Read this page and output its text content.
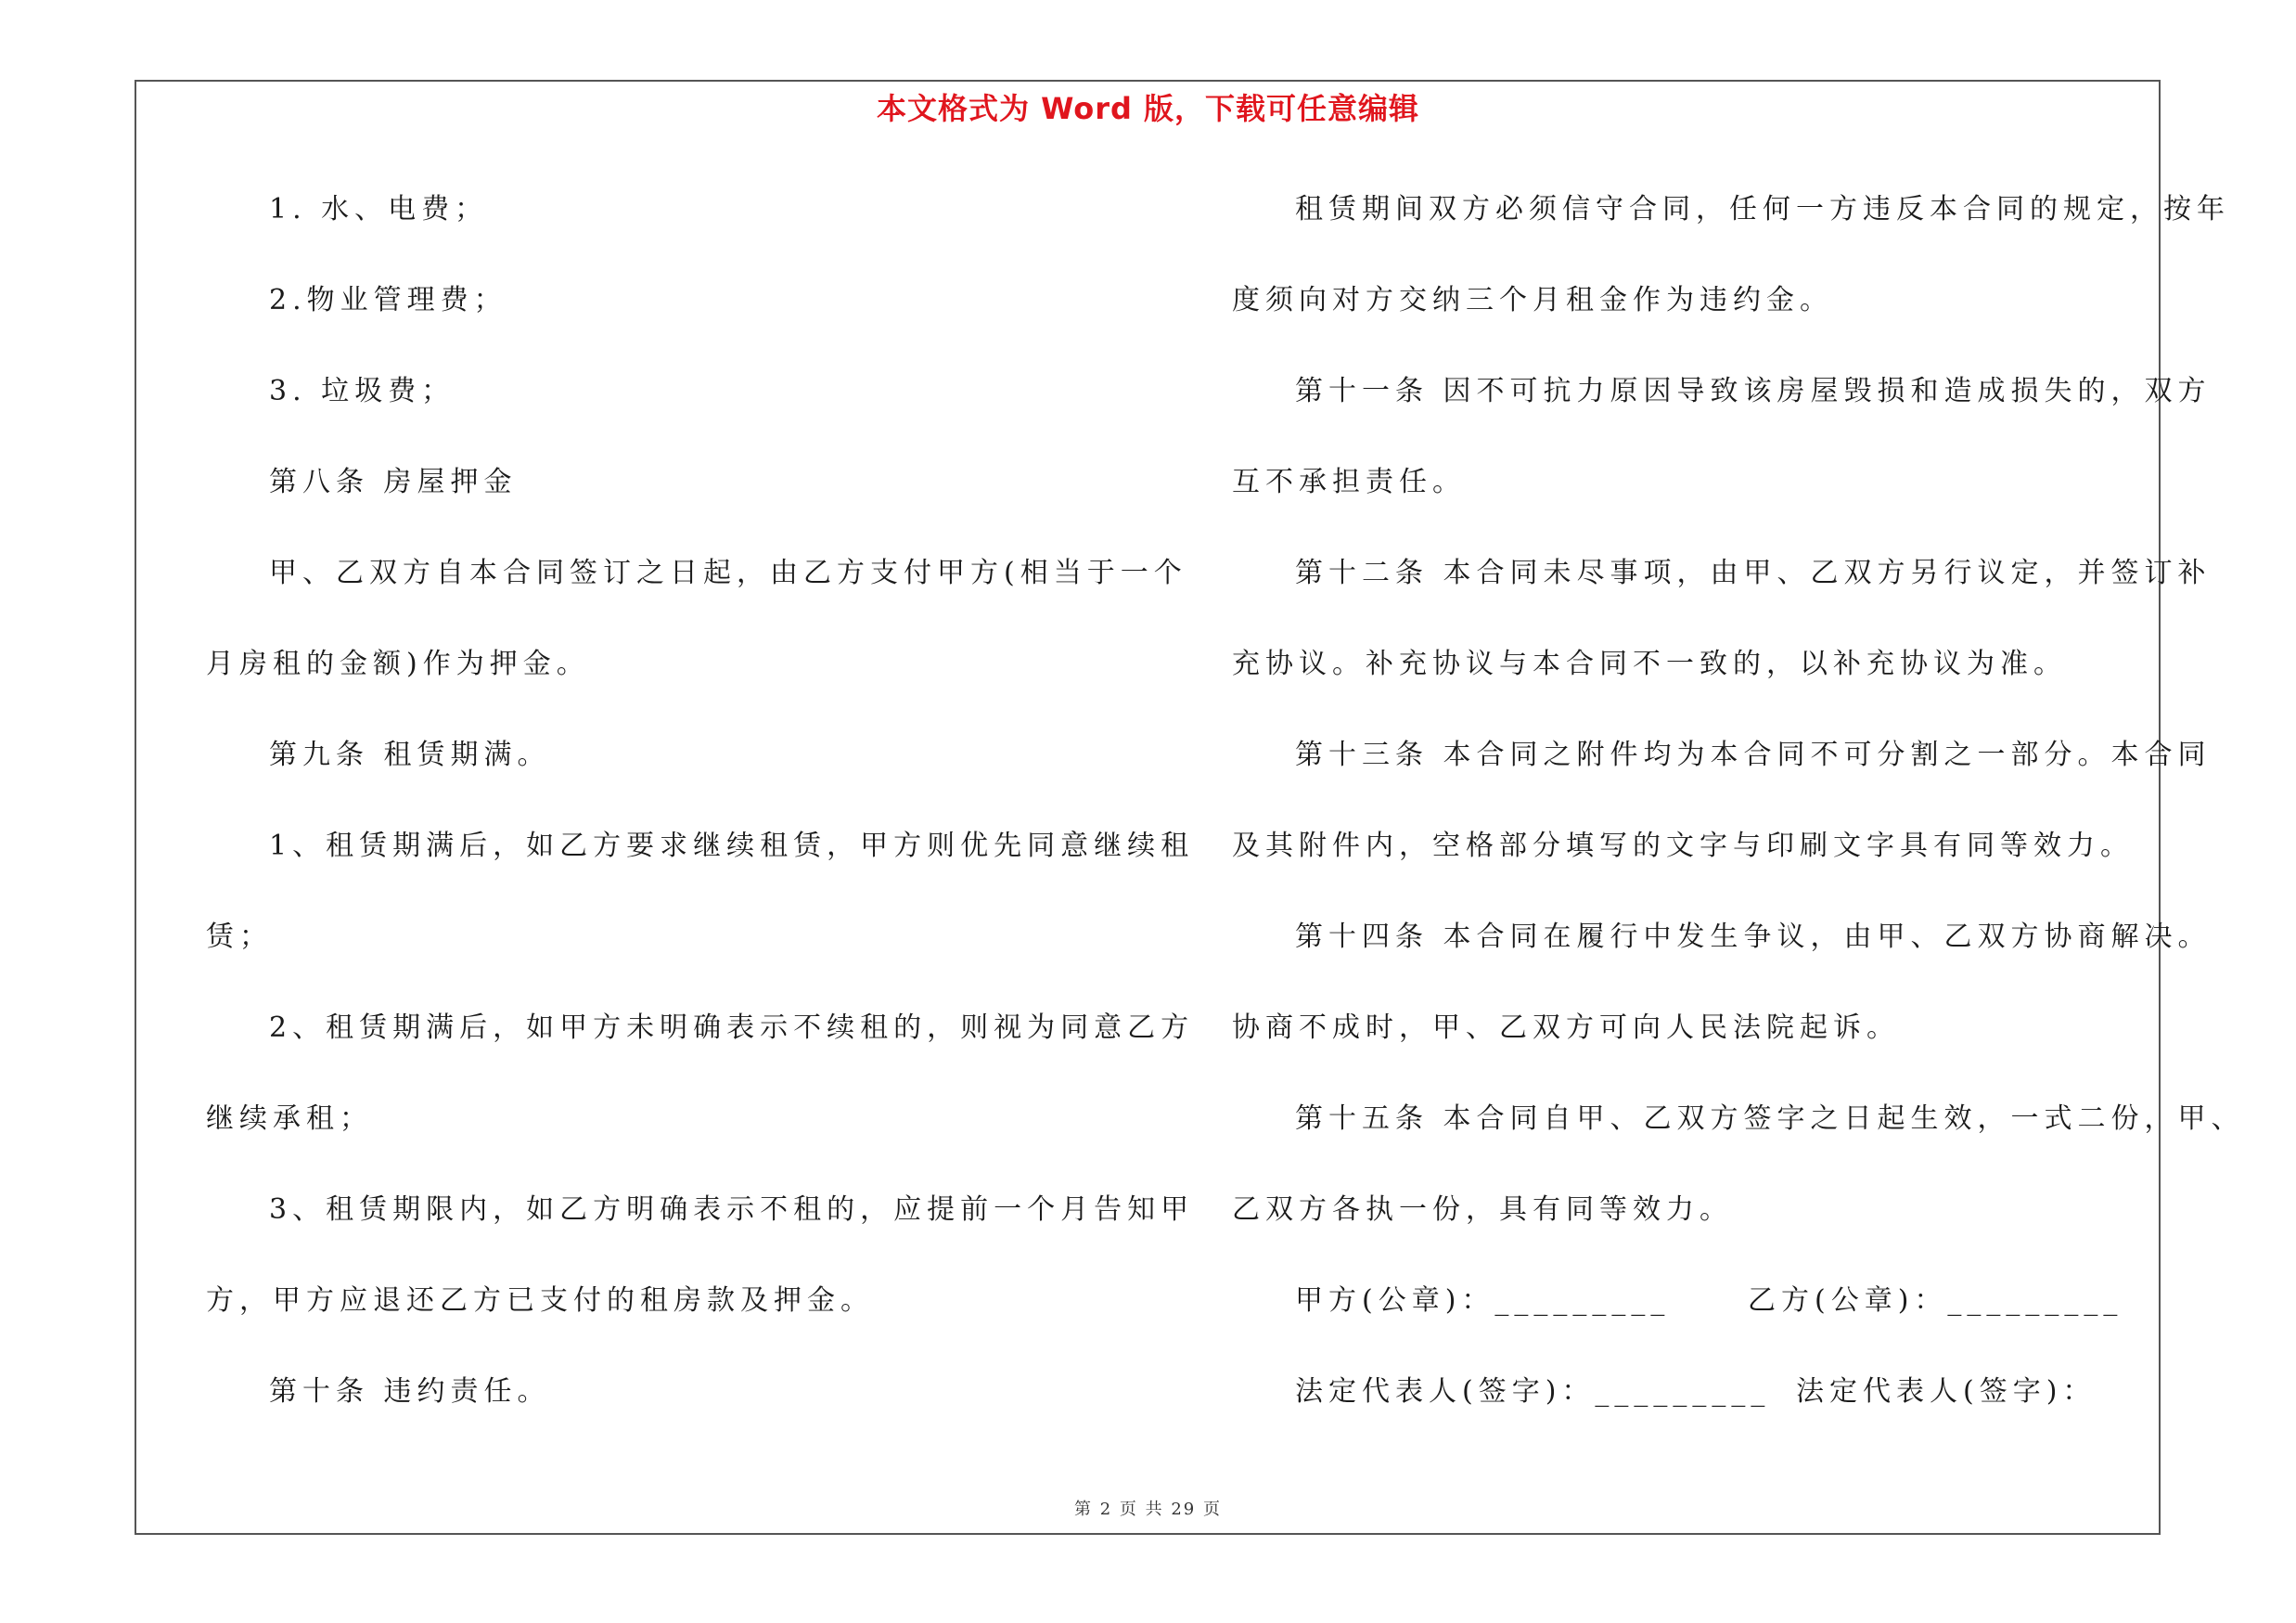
本文格式为 Word 版，下载可任意编辑
1. 水、电费；
2.物业管理费；
3. 垃圾费；
第八条 房屋押金
甲、乙双方自本合同签订之日起，由乙方支付甲方(相当于一个
月房租的金额)作为押金。
第九条 租赁期满。
1、租赁期满后，如乙方要求继续租赁，甲方则优先同意继续租
赁；
2、租赁期满后，如甲方未明确表示不续租的，则视为同意乙方
继续承租；
3、租赁期限内，如乙方明确表示不租的，应提前一个月告知甲
方，甲方应退还乙方已支付的租房款及押金。
第十条 违约责任。
租赁期间双方必须信守合同，任何一方违反本合同的规定，按年
度须向对方交纳三个月租金作为违约金。
第十一条 因不可抗力原因导致该房屋毁损和造成损失的，双方
互不承担责任。
第十二条 本合同未尽事项，由甲、乙双方另行议定，并签订补
充协议。补充协议与本合同不一致的，以补充协议为准。
第十三条 本合同之附件均为本合同不可分割之一部分。本合同
及其附件内，空格部分填写的文字与印刷文字具有同等效力。
第十四条 本合同在履行中发生争议，由甲、乙双方协商解决。
协商不成时，甲、乙双方可向人民法院起诉。
第十五条 本合同自甲、乙双方签字之日起生效，一式二份，甲、
乙双方各执一份，具有同等效力。
甲方(公章)：_________	乙方(公章)：_________
法定代表人(签字)：_________ 法定代表人(签字)：
第 2 页 共 29 页
